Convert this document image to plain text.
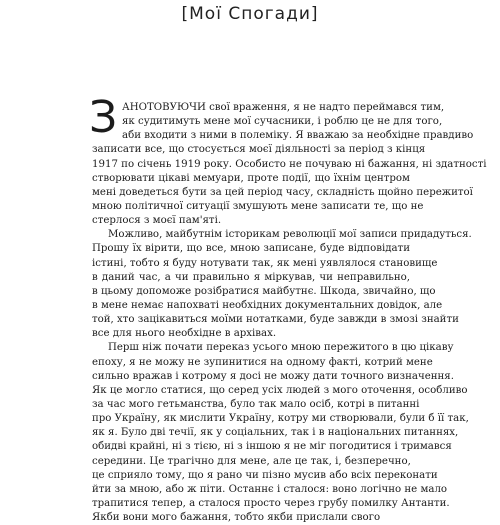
[Мої Спогади]
З АНОТОВУЮЧИ свої враження, я не надто переймався тим,
як судитимуть мене мої сучасники, і роблю це не для того,
аби входити з ними в полеміку. Я вважаю за необхідне правдиво
записати все, що стосується моєї діяльності за період з кінця
1917 по січень 1919 року. Особисто не почуваю ні бажання, ні здатності
створювати цікаві мемуари, проте події, що їхнім центром
мені доведеться бути за цей період часу, складність щойно пережитої
мною політичної ситуації змушують мене записати те, що не
стерлося з моєї пам'яті.
Можливо, майбутнім історикам революції мої записи придадуться.
Прошу їх вірити, що все, мною записане, буде відповідати
істині, тобто я буду нотувати так, як мені уявлялося становище
в даний час, а чи правильно я міркував, чи неправильно,
в цьому допоможе розібратися майбутнє. Шкода, звичайно, що
в мене немає напохваті необхідних документальних довідок, але
той, хто зацікавиться моїми нотатками, буде завжди в змозі знайти
все для нього необхідне в архівах.
Перш ніж почати переказ усього мною пережитого в цю цікаву
епоху, я не можу не зупинитися на одному факті, котрий мене
сильно вражав і котрому я досі не можу дати точного визначення.
Як це могло статися, що серед усіх людей з мого оточення, особливо
за час мого гетьманства, було так мало осіб, котрі в питанні
про Україну, як мислити Україну, котру ми створювали, були б її так,
як я. Було дві течії, як у соціальних, так і в національних питаннях,
обидві крайні, ні з тією, ні з іншою я не міг погодитися і тримався
середини. Це трагічно для мене, але це так, і, безперечно,
це сприяло тому, що я рано чи пізно мусив або всіх переконати
йти за мною, або ж піти. Останнє і сталося: воно логічно не мало
трапитися тепер, а сталося просто через грубу помилку Антанти.
Якби вони мого бажання, тобто якби прислали свого
